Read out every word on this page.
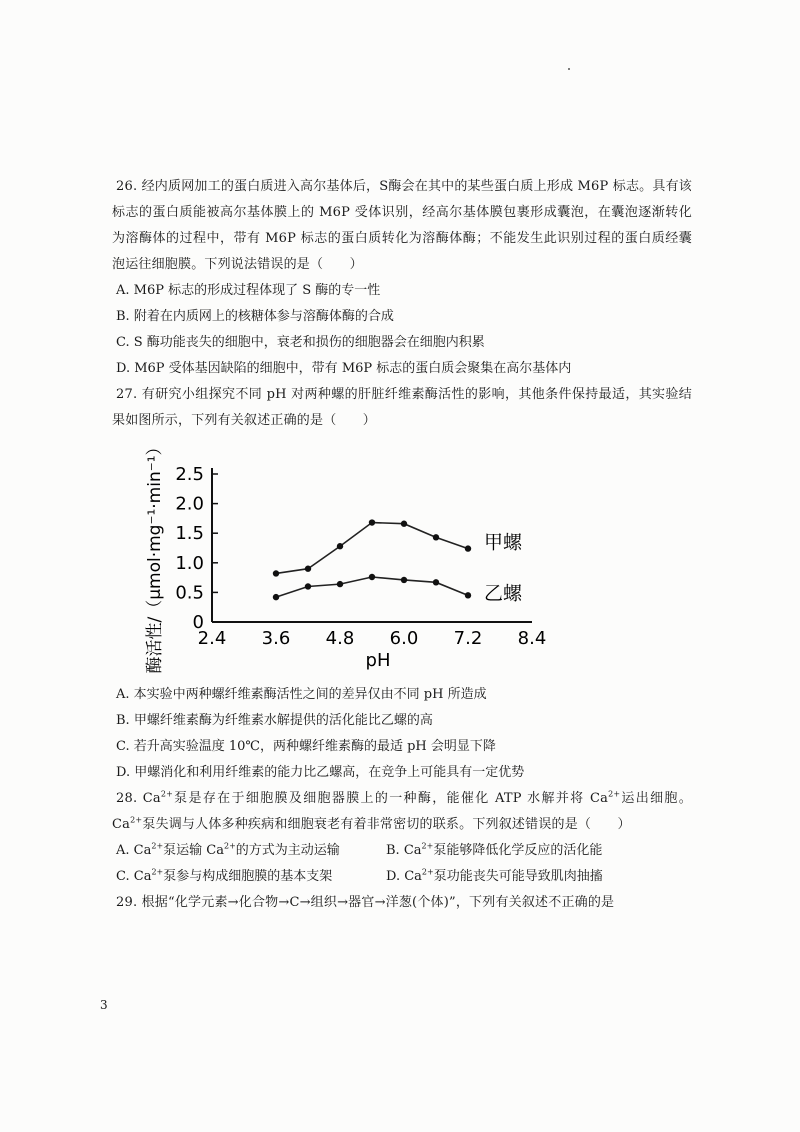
26. 经内质网加工的蛋白质进入高尔基体后，S酶会在其中的某些蛋白质上形成 M6P 标志。具有该标志的蛋白质能被高尔基体膜上的 M6P 受体识别，经高尔基体膜包裹形成囊泡，在囊泡逐渐转化为溶酶体的过程中，带有 M6P 标志的蛋白质转化为溶酶体酶；不能发生此识别过程的蛋白质经囊泡运往细胞膜。下列说法错误的是（　　）

A. M6P 标志的形成过程体现了 S 酶的专一性

B. 附着在内质网上的核糖体参与溶酶体酶的合成

C. S 酶功能丧失的细胞中，衰老和损伤的细胞器会在细胞内积累

D. M6P 受体基因缺陷的细胞中，带有 M6P 标志的蛋白质会聚集在高尔基体内

27. 有研究小组探究不同 pH 对两种螺的肝脏纤维素酶活性的影响，其他条件保持最适，其实验结果如图所示，下列有关叙述正确的是（　　）

0
0.5
1.0
1.5
2.0
2.5
2.4 3.6 4.8 6.0 7.2 8.4
甲螺
乙螺
pH
酶活性/（μmol·mg⁻¹·min⁻¹）

A. 本实验中两种螺纤维素酶活性之间的差异仅由不同 pH 所造成

B. 甲螺纤维素酶为纤维素水解提供的活化能比乙螺的高

C. 若升高实验温度 10℃，两种螺纤维素酶的最适 pH 会明显下降

D. 甲螺消化和利用纤维素的能力比乙螺高，在竞争上可能具有一定优势

28. $Ca^{2+}$泵是存在于细胞膜及细胞器膜上的一种酶，能催化 ATP 水解并将 $Ca^{2+}$运出细胞。$Ca^{2+}$泵失调与人体多种疾病和细胞衰老有着非常密切的联系。下列叙述错误的是（　　）

A. $Ca^{2+}$泵运输 $Ca^{2+}$的方式为主动运输	B. $Ca^{2+}$泵能够降低化学反应的活化能
C. $Ca^{2+}$泵参与构成细胞膜的基本支架	D. $Ca^{2+}$泵功能丧失可能导致肌肉抽搐

29. 根据“化学元素→化合物→C→组织→器官→洋葱(个体)”，下列有关叙述不正确的是

3
